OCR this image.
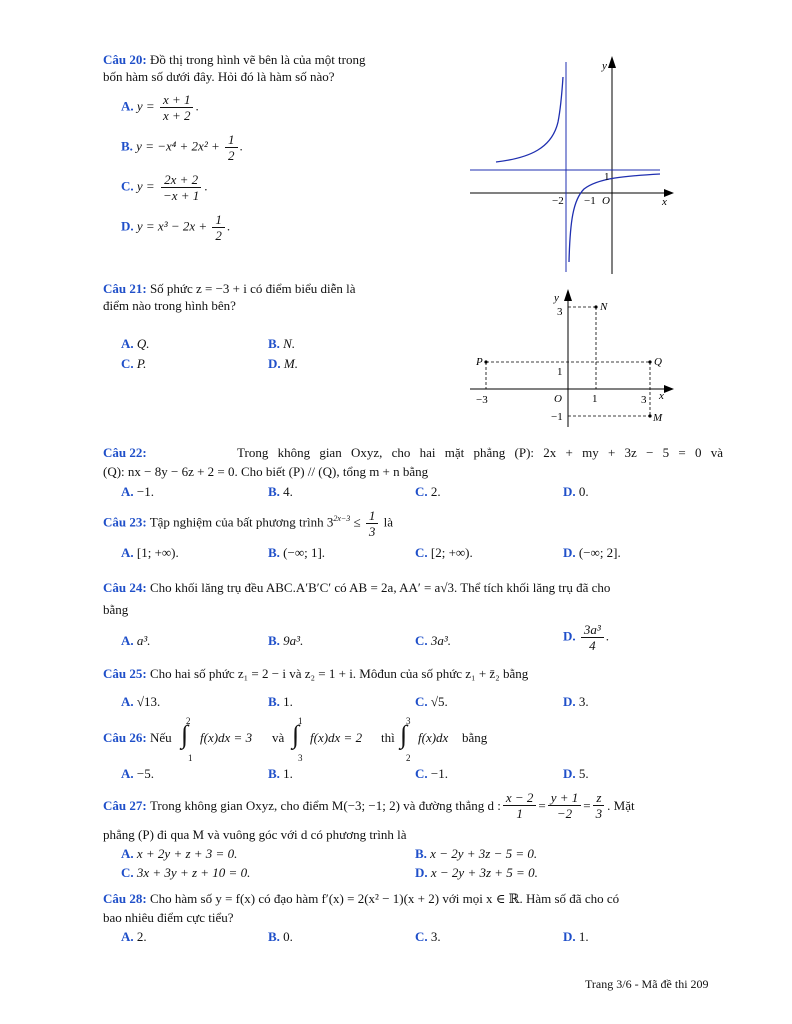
Câu 20: Đồ thị trong hình vẽ bên là của một trong
bốn hàm số dưới đây. Hỏi đó là hàm số nào?
A. $y = \frac{x + 1}{x + 2}$ .
B. $y = -x^4 + 2x^2 + \frac{1}{2}$ .
C. $y = \frac{2x + 2}{-x + 1}$ .
D. $y = x^3 - 2x + \frac{1}{2}$ .
y
x
1
−2 −1 O
Câu 21: Số phức z = −3 + i có điểm biểu diễn là
điểm nào trong hình bên?
A. Q.	B. N.
C. P.	D. M.
y
3	N
P	Q
1
O
−3	1	3 x
−1	M
Câu 22:	Trong không gian Oxyz, cho hai mặt phẳng (P): 2x + my + 3z − 5 = 0 và
(Q): nx − 8y − 6z + 2 = 0. Cho biết (P) // (Q), tổng m + n bằng
A. −1.	B. 4.	C. 2.	D. 0.
Câu 23: Tập nghiệm của bất phương trình $3^{2x-3} \le \frac{1}{3}$ là
A. [1; +∞).	B. (−∞; 1].	C. [2; +∞).	D. (−∞; 2].
Câu 24: Cho khối lăng trụ đều ABC.A′B′C′ có AB = 2a, AA′ = a√3. Thể tích khối lăng trụ đã cho
bằng
A. a³.	B. 9a³.	C. 3a³.	D. $\frac{\text{3a³}}{4}$ .
Câu 25: Cho hai số phức z₁ = 2 − i và z₂ = 1 + i. Môđun của số phức z₁ + z̄₂ bằng
A. √13.	B. 1.	C. √5.	D. 3.
Câu 26: Nếu
2
∫
1
f(x)dx = 3 và
1
∫
3
f(x)dx = 2 thì
3
∫
2
f(x)dx bằng
A. −5.	B. 1.	C. −1.	D. 5.
Câu 27:
Trong không gian Oxyz, cho điểm M(−3; −1; 2) và đường thẳng d : $\frac{x - 2}{1} = \frac{y + 1}{-2} = \frac{z}{3}$ . Mặt
phẳng (P) đi qua M và vuông góc với d có phương trình là
A. x + 2y + z + 3 = 0.	B. x − 2y + 3z − 5 = 0.
C. 3x + 3y + z + 10 = 0.	D. x − 2y + 3z + 5 = 0.
Câu 28: Cho hàm số y = f(x) có đạo hàm f′(x) = 2(x² − 1)(x + 2) với mọi x ∈ ℝ. Hàm số đã cho có
bao nhiêu điểm cực tiểu?
A. 2.	B. 0.	C. 3.	D. 1.
Trang 3/6 - Mã đề thi 209
